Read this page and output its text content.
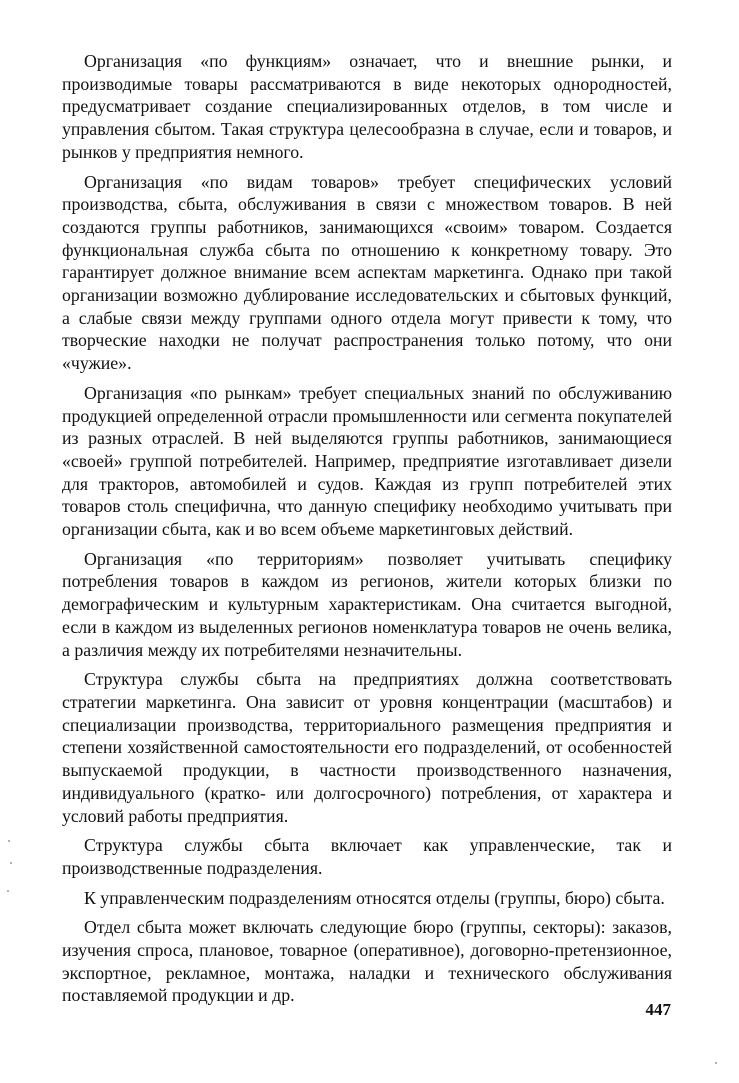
Организация «по функциям» означает, что и внешние рынки, и производимые товары рассматриваются в виде некоторых однородностей, предусматривает создание специализированных отделов, в том числе и управления сбытом. Такая структура целесообразна в случае, если и товаров, и рынков у предприятия немного.

Организация «по видам товаров» требует специфических условий производства, сбыта, обслуживания в связи с множеством товаров. В ней создаются группы работников, занимающихся «своим» товаром. Создается функциональная служба сбыта по отношению к конкретному товару. Это гарантирует должное внимание всем аспектам маркетинга. Однако при такой организации возможно дублирование исследовательских и сбытовых функций, а слабые связи между группами одного отдела могут привести к тому, что творческие находки не получат распространения только потому, что они «чужие».

Организация «по рынкам» требует специальных знаний по обслуживанию продукцией определенной отрасли промышленности или сегмента покупателей из разных отраслей. В ней выделяются группы работников, занимающиеся «своей» группой потребителей. Например, предприятие изготавливает дизели для тракторов, автомобилей и судов. Каждая из групп потребителей этих товаров столь специфична, что данную специфику необходимо учитывать при организации сбыта, как и во всем объеме маркетинговых действий.

Организация «по территориям» позволяет учитывать специфику потребления товаров в каждом из регионов, жители которых близки по демографическим и культурным характеристикам. Она считается выгодной, если в каждом из выделенных регионов номенклатура товаров не очень велика, а различия между их потребителями незначительны.

Структура службы сбыта на предприятиях должна соответствовать стратегии маркетинга. Она зависит от уровня концентрации (масштабов) и специализации производства, территориального размещения предприятия и степени хозяйственной самостоятельности его подразделений, от особенностей выпускаемой продукции, в частности производственного назначения, индивидуального (кратко- или долгосрочного) потребления, от характера и условий работы предприятия.

Структура службы сбыта включает как управленческие, так и производственные подразделения.

К управленческим подразделениям относятся отделы (группы, бюро) сбыта.

Отдел сбыта может включать следующие бюро (группы, секторы): заказов, изучения спроса, плановое, товарное (оперативное), договорно-претензионное, экспортное, рекламное, монтажа, наладки и технического обслуживания поставляемой продукции и др.

447
